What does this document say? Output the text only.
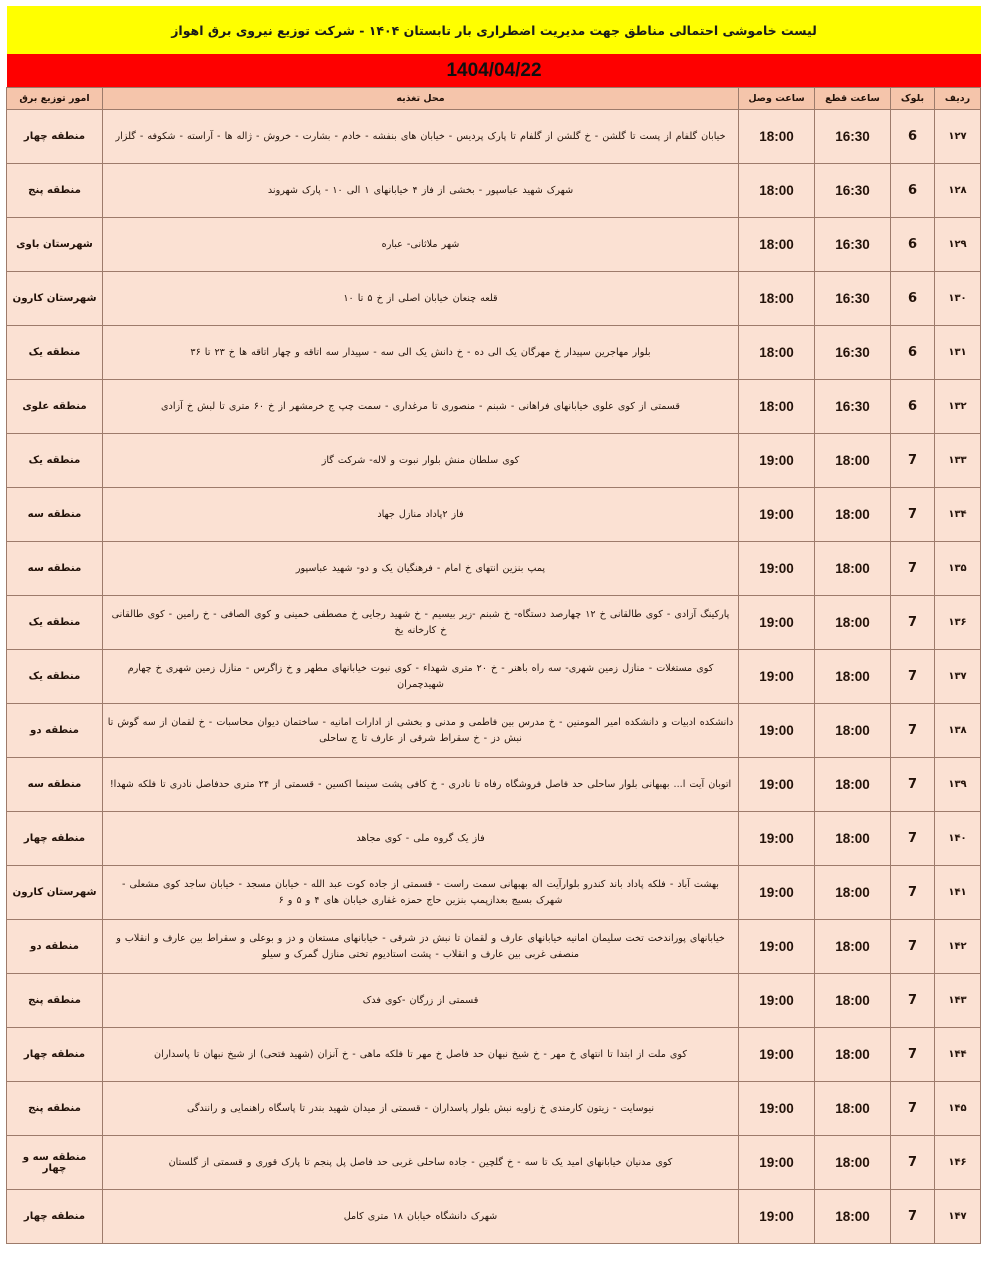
لیست خاموشی احتمالی مناطق جهت مدیریت اضطراری بار تابستان ۱۴۰۴ - شرکت توزیع نیروی برق اهواز
1404/04/22
ردیف	بلوک	ساعت قطع	ساعت وصل	محل تغذیه	امور توزیع برق
۱۲۷	6	16:30	18:00	خیابان گلفام از پست تا گلشن - خ گلشن از گلفام تا پارک پردیس - خیابان های بنفشه - خادم - بشارت - خروش - ژاله ها - آراسته - شکوفه - گلزار	منطقه چهار
۱۲۸	6	16:30	18:00	شهرک شهید عباسپور - بخشی از فاز ۴ خیابانهای ۱ الی ۱۰ - پارک شهروند	منطقه پنج
۱۲۹	6	16:30	18:00	شهر ملاثانی- عباره	شهرستان باوی
۱۳۰	6	16:30	18:00	قلعه چنعان خیابان اصلی از خ ۵ تا ۱۰	شهرستان کارون
۱۳۱	6	16:30	18:00	بلوار مهاجرین سپیدار خ مهرگان یک الی ده - خ دانش یک الی سه - سپیدار سه اتاقه و چهار اتاقه ها خ ۲۳ تا ۳۶	منطقه یک
۱۳۲	6	16:30	18:00	قسمتی از کوی علوی خیابانهای فراهانی - شبنم - منصوری تا مرغداری - سمت چپ ج خرمشهر از خ ۶۰ متری تا لبش خ آزادی	منطقه علوی
۱۳۳	7	18:00	19:00	کوی سلطان منش بلوار نبوت و لاله- شرکت گاز	منطقه یک
۱۳۴	7	18:00	19:00	فاز ۲پاداد منازل جهاد	منطقه سه
۱۳۵	7	18:00	19:00	پمپ بنزین انتهای خ امام - فرهنگیان یک و دو- شهید عباسپور	منطقه سه
۱۳۶	7	18:00	19:00	پارکینگ آزادی - کوی طالقانی خ ۱۲ چهارصد دستگاه- خ شبنم -زیر بیسیم - خ شهید رجایی خ مصطفی خمینی و کوی الصافی - خ رامین - کوی طالقانی خ کارخانه یخ	منطقه یک
۱۳۷	7	18:00	19:00	کوی مستغلات - منازل زمین شهری- سه راه باهنر - خ ۲۰ متری شهداء - کوی نبوت خیابانهای مطهر و خ زاگرس - منازل زمین شهری خ چهارم شهیدچمران	منطقه یک
۱۳۸	7	18:00	19:00	دانشکده ادبیات و دانشکده امیر المومنین - خ مدرس بین فاطمی و مدنی و بخشی از ادارات امانیه - ساختمان دیوان محاسبات - خ لقمان از سه گوش تا نبش دز - خ سقراط شرقی از عارف تا ج ساحلی	منطقه دو
۱۳۹	7	18:00	19:00	اتوبان آیت ا... بهبهانی بلوار ساحلی حد فاصل فروشگاه رفاه تا نادری - خ کافی پشت سینما اکسین - قسمتی از ۲۴ متری حدفاصل نادری تا فلکه شهدا!	منطقه سه
۱۴۰	7	18:00	19:00	فاز یک گروه ملی - کوی مجاهد	منطقه چهار
۱۴۱	7	18:00	19:00	بهشت آباد - فلکه پاداد باند کندرو بلوارآیت اله بهبهانی سمت راست - قسمتی از جاده کوت عبد الله - خیابان مسجد - خیابان ساجد کوی مشعلی - شهرک بسیج بعدازپمپ بنزین حاج حمزه غفاری خیابان های ۴ و ۵ و ۶	شهرستان کارون
۱۴۲	7	18:00	19:00	خیابانهای پوراندخت تخت سلیمان امانیه خیابانهای عارف و لقمان تا نبش دز شرقی - خیابانهای مستعان و دز و بوعلی و سقراط بین عارف و انقلاب و منصفی غربی بین عارف و انقلاب - پشت استادیوم تختی منازل گمرک و سیلو	منطقه دو
۱۴۳	7	18:00	19:00	قسمتی از زرگان -کوی فدک	منطقه پنج
۱۴۴	7	18:00	19:00	کوی ملت از ابتدا تا انتهای خ مهر - خ شیخ نبهان حد فاصل خ مهر تا فلکه ماهی - خ آنزان (شهید فتحی) از شیخ نبهان تا پاسداران	منطقه چهار
۱۴۵	7	18:00	19:00	نیوسایت - زیتون کارمندی خ زاویه نبش بلوار پاسداران - قسمتی از میدان شهید بندر تا پاسگاه راهنمایی و رانندگی	منطقه پنج
۱۴۶	7	18:00	19:00	کوی مدنیان خیابانهای امید یک تا سه - خ گلچین - جاده ساحلی غربی حد فاصل پل پنجم تا پارک قوری و قسمتی از گلستان	منطقه سه و چهار
۱۴۷	7	18:00	19:00	شهرک دانشگاه خیابان ۱۸ متری کامل	منطقه چهار
